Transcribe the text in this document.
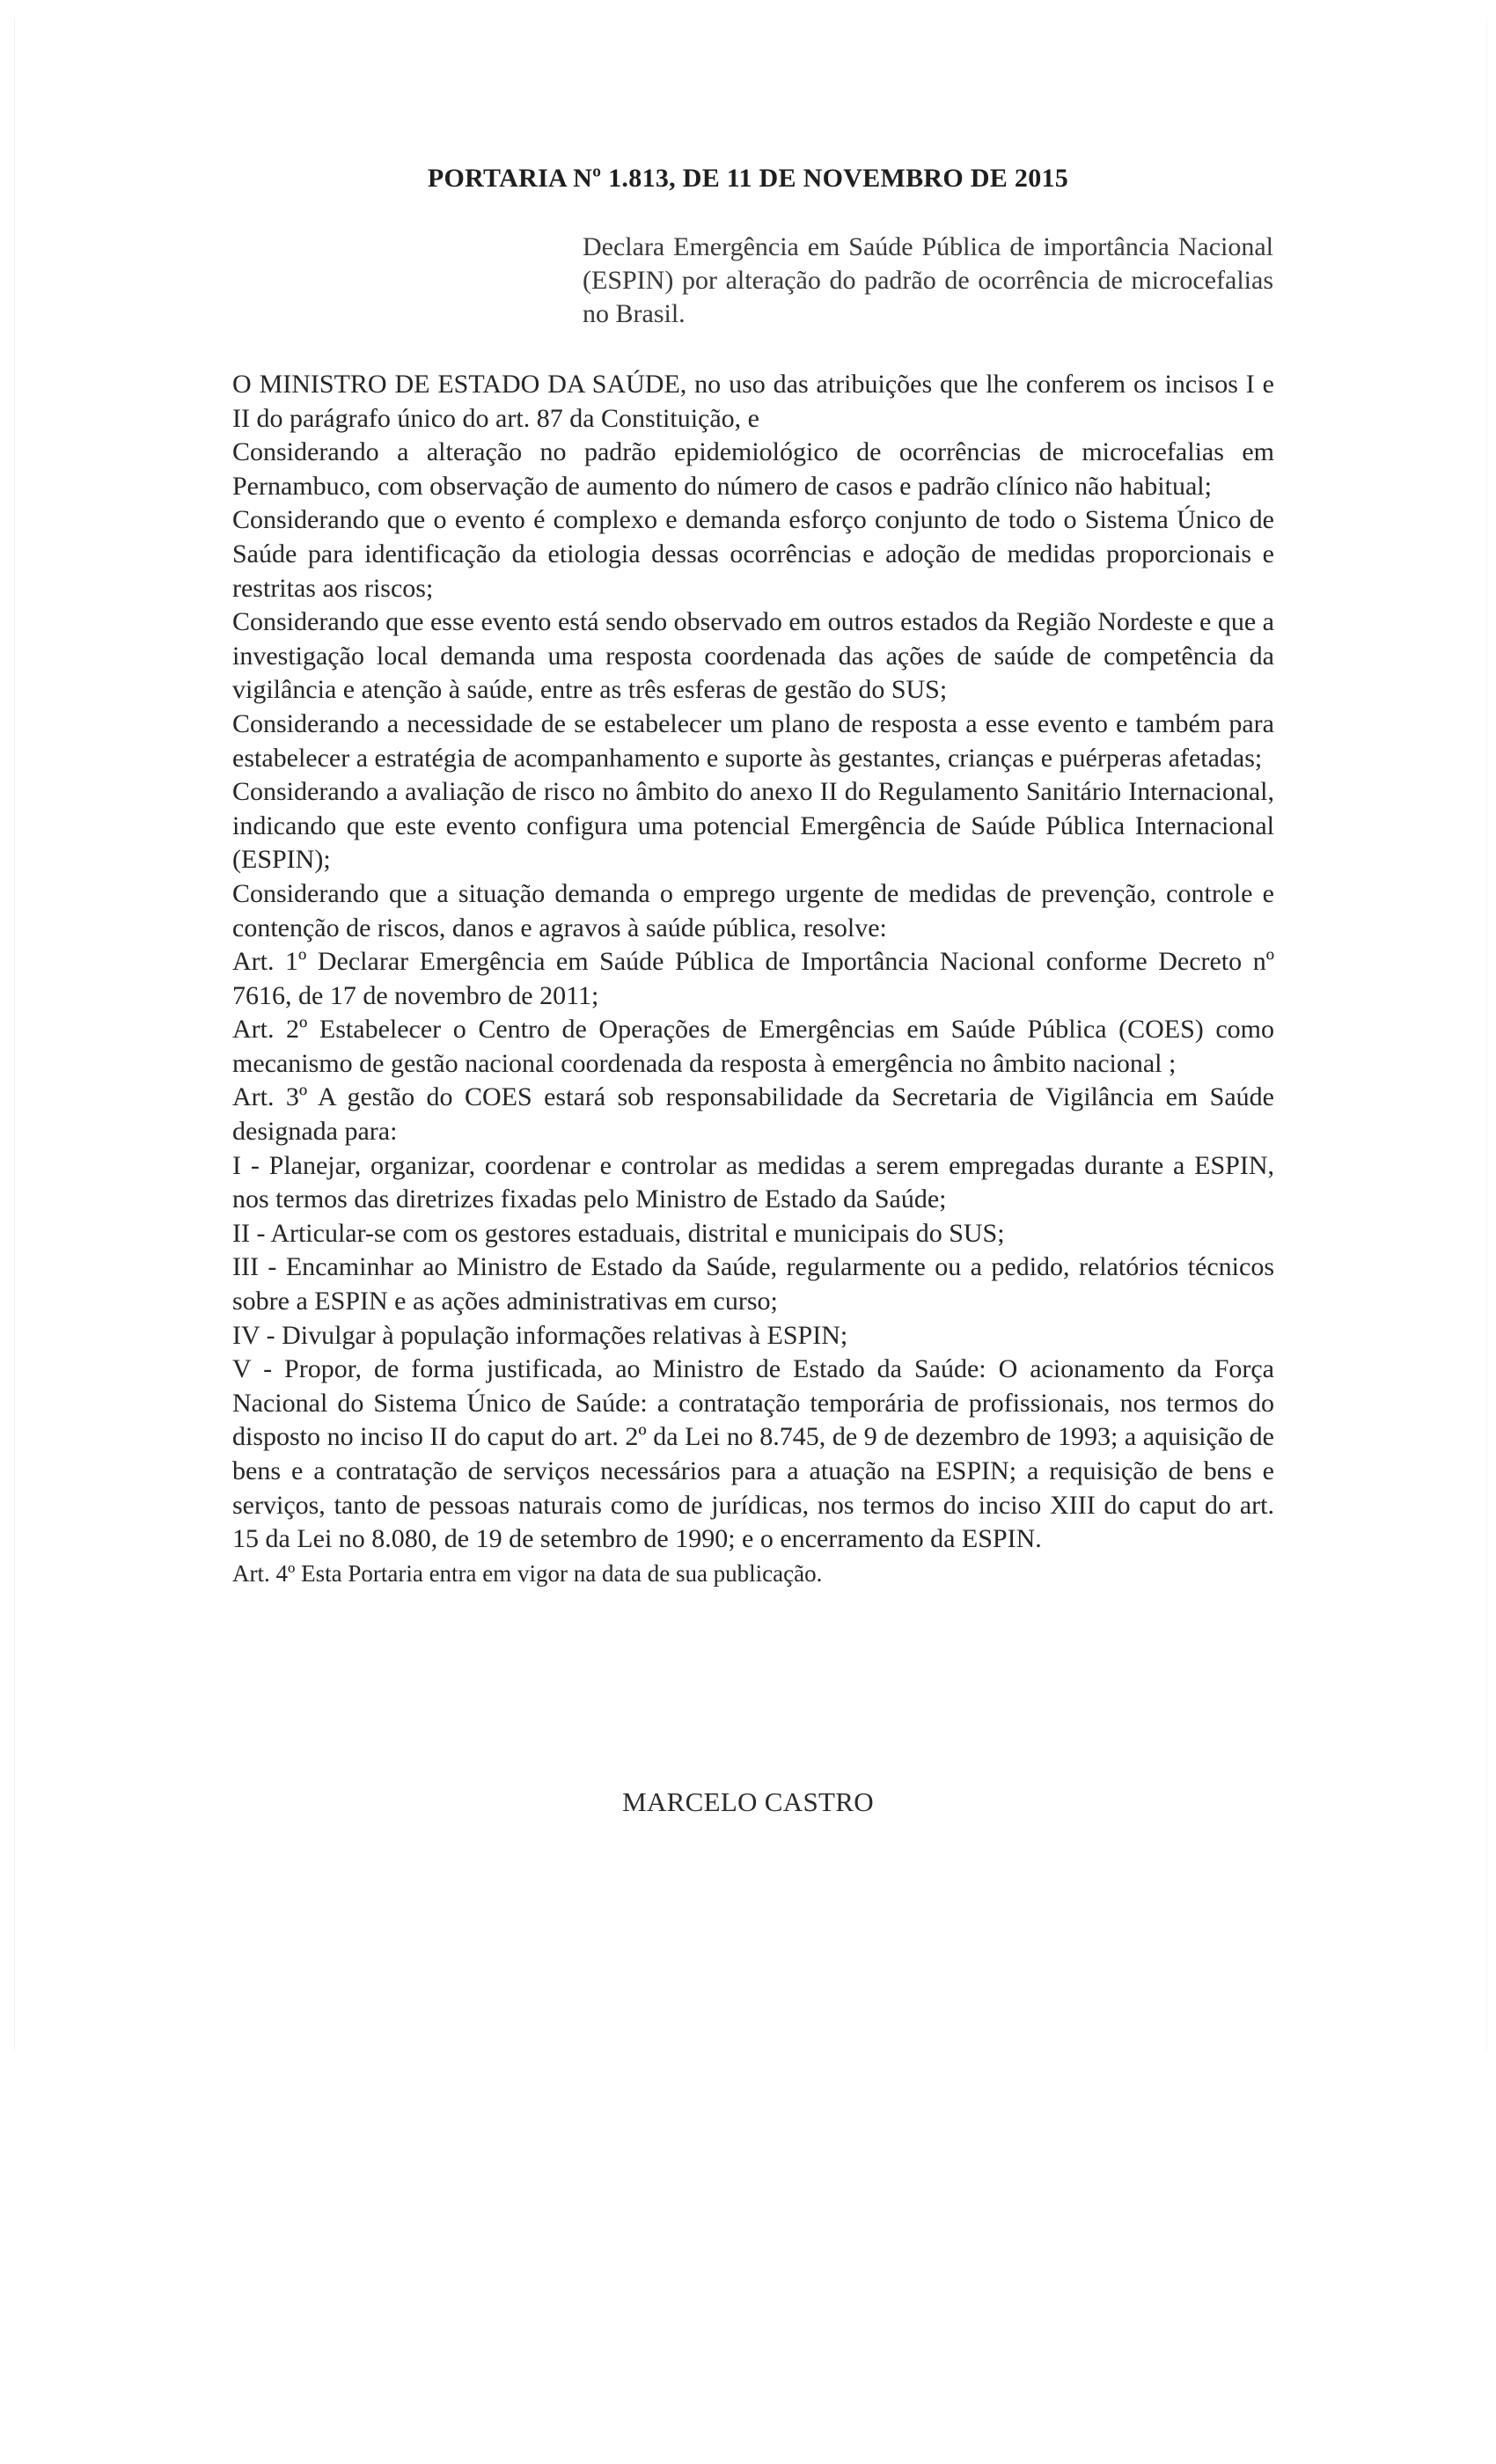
PORTARIA Nº 1.813, DE 11 DE NOVEMBRO DE 2015
Declara Emergência em Saúde Pública de importância Nacional (ESPIN) por alteração do padrão de ocorrência de microcefalias no Brasil.

O MINISTRO DE ESTADO DA SAÚDE, no uso das atribuições que lhe conferem os incisos I e II do parágrafo único do art. 87 da Constituição, e

Considerando a alteração no padrão epidemiológico de ocorrências de microcefalias em Pernambuco, com observação de aumento do número de casos e padrão clínico não habitual;

Considerando que o evento é complexo e demanda esforço conjunto de todo o Sistema Único de Saúde para identificação da etiologia dessas ocorrências e adoção de medidas proporcionais e restritas aos riscos;

Considerando que esse evento está sendo observado em outros estados da Região Nordeste e que a investigação local demanda uma resposta coordenada das ações de saúde de competência da vigilância e atenção à saúde, entre as três esferas de gestão do SUS;

Considerando a necessidade de se estabelecer um plano de resposta a esse evento e também para estabelecer a estratégia de acompanhamento e suporte às gestantes, crianças e puérperas afetadas;

Considerando a avaliação de risco no âmbito do anexo II do Regulamento Sanitário Internacional, indicando que este evento configura uma potencial Emergência de Saúde Pública Internacional (ESPIN);

Considerando que a situação demanda o emprego urgente de medidas de prevenção, controle e contenção de riscos, danos e agravos à saúde pública, resolve:

Art. 1º Declarar Emergência em Saúde Pública de Importância Nacional conforme Decreto nº 7616, de 17 de novembro de 2011;

Art. 2º Estabelecer o Centro de Operações de Emergências em Saúde Pública (COES) como mecanismo de gestão nacional coordenada da resposta à emergência no âmbito nacional ;

Art. 3º A gestão do COES estará sob responsabilidade da Secretaria de Vigilância em Saúde designada para:

I - Planejar, organizar, coordenar e controlar as medidas a serem empregadas durante a ESPIN, nos termos das diretrizes fixadas pelo Ministro de Estado da Saúde;

II - Articular-se com os gestores estaduais, distrital e municipais do SUS;

III - Encaminhar ao Ministro de Estado da Saúde, regularmente ou a pedido, relatórios técnicos sobre a ESPIN e as ações administrativas em curso;

IV - Divulgar à população informações relativas à ESPIN;

V - Propor, de forma justificada, ao Ministro de Estado da Saúde: O acionamento da Força Nacional do Sistema Único de Saúde: a contratação temporária de profissionais, nos termos do disposto no inciso II do caput do art. 2º da Lei no 8.745, de 9 de dezembro de 1993; a aquisição de bens e a contratação de serviços necessários para a atuação na ESPIN; a requisição de bens e serviços, tanto de pessoas naturais como de jurídicas, nos termos do inciso XIII do caput do art. 15 da Lei no 8.080, de 19 de setembro de 1990; e o encerramento da ESPIN.

Art. 4º Esta Portaria entra em vigor na data de sua publicação.

MARCELO CASTRO
